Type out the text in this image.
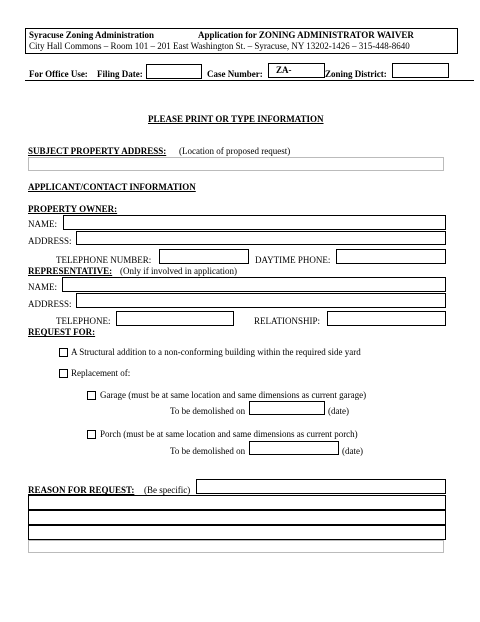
Syracuse Zoning Administration	Application for ZONING ADMINISTRATOR WAIVER
City Hall Commons – Room 101 – 201 East Washington St. – Syracuse, NY 13202-1426 – 315-448-8640
For Office Use: Filing Date:	Case Number: ZA-	Zoning District:
PLEASE PRINT OR TYPE INFORMATION
SUBJECT PROPERTY ADDRESS: (Location of proposed request)
APPLICANT/CONTACT INFORMATION
PROPERTY OWNER:
NAME:
ADDRESS:
TELEPHONE NUMBER:	DAYTIME PHONE:
REPRESENTATIVE: (Only if involved in application)
NAME:
ADDRESS:
TELEPHONE:	RELATIONSHIP:
REQUEST FOR:
A Structural addition to a non-conforming building within the required side yard
Replacement of:
Garage (must be at same location and same dimensions as current garage)
To be demolished on	(date)
Porch (must be at same location and same dimensions as current porch)
To be demolished on	(date)
REASON FOR REQUEST: (Be specific)
